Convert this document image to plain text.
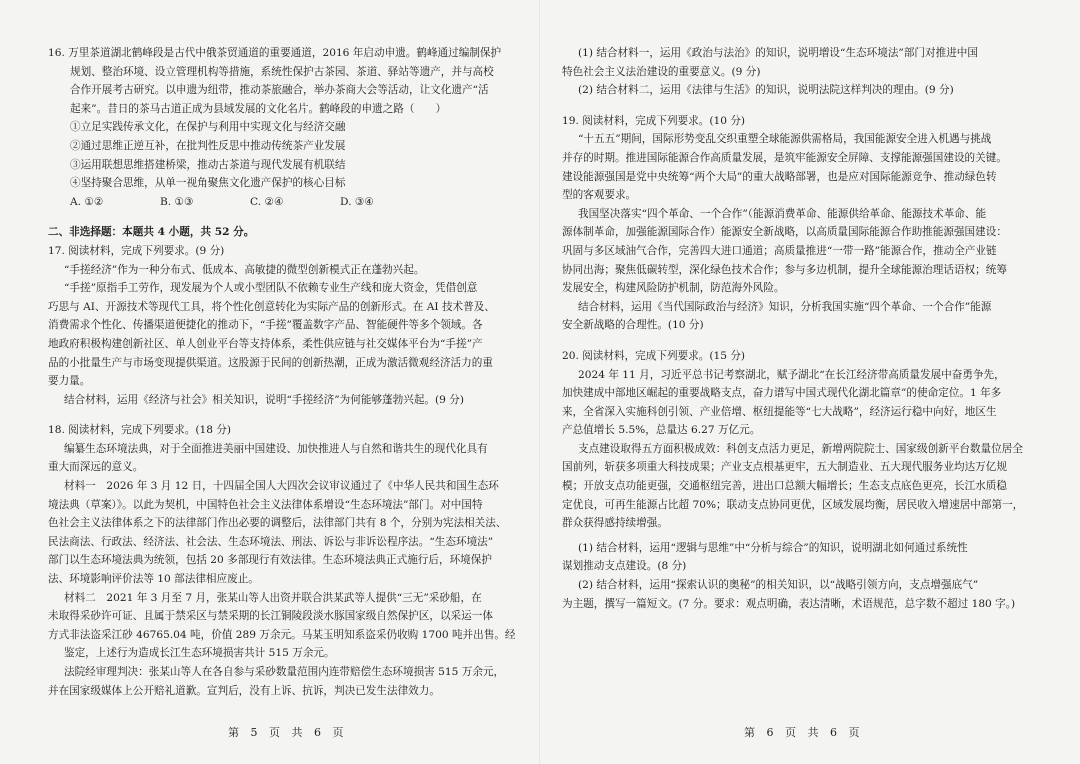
16. 万里茶道湖北鹤峰段是古代中俄茶贸通道的重要通道，2016 年启动申遗。鹤峰通过编制保护

规划、整治环境、设立管理机构等措施，系统性保护古茶园、茶道、驿站等遗产，并与高校

合作开展考古研究。以申遗为纽带，推动茶旅融合，举办茶商大会等活动，让文化遗产“活

起来”。昔日的茶马古道正成为县域发展的文化名片。鹤峰段的申遗之路（　　）

①立足实践传承文化，在保护与利用中实现文化与经济交融

②通过思维正逆互补，在批判性反思中推动传统茶产业发展

③运用联想思维搭建桥梁，推动古茶道与现代发展有机联结

④坚持聚合思维，从单一视角聚焦文化遗产保护的核心目标

A. ①②	B. ①③	C. ②④	D. ③④

二、非选择题：本题共 4 小题，共 52 分。

17. 阅读材料，完成下列要求。(9 分)

“手搓经济”作为一种分布式、低成本、高敏捷的微型创新模式正在蓬勃兴起。

“手搓”原指手工劳作，现发展为个人或小型团队不依赖专业生产线和庞大资金，凭借创意

巧思与 AI、开源技术等现代工具，将个性化创意转化为实际产品的创新形式。在 AI 技术普及、

消费需求个性化、传播渠道便捷化的推动下，“手搓”覆盖数字产品、智能硬件等多个领域。各

地政府积极构建创新社区、单人创业平台等支持体系，柔性供应链与社交媒体平台为“手搓”产

品的小批量生产与市场变现提供渠道。这股源于民间的创新热潮，正成为激活微观经济活力的重

要力量。

结合材料，运用《经济与社会》相关知识，说明“手搓经济”为何能够蓬勃兴起。(9 分)

18. 阅读材料，完成下列要求。(18 分)

编纂生态环境法典，对于全面推进美丽中国建设、加快推进人与自然和谐共生的现代化具有

重大而深远的意义。

材料一　2026 年 3 月 12 日，十四届全国人大四次会议审议通过了《中华人民共和国生态环

境法典（草案）》。以此为契机，中国特色社会主义法律体系增设“生态环境法”部门。对中国特

色社会主义法律体系之下的法律部门作出必要的调整后，法律部门共有 8 个，分别为宪法相关法、

民法商法、行政法、经济法、社会法、生态环境法、刑法、诉讼与非诉讼程序法。“生态环境法”

部门以生态环境法典为统领，包括 20 多部现行有效法律。生态环境法典正式施行后，环境保护

法、环境影响评价法等 10 部法律相应废止。

材料二　2021 年 3 月至 7 月，张某山等人出资并联合洪某武等人提供“三无”采砂船，在

未取得采砂许可证、且属于禁采区与禁采期的长江铜陵段淡水豚国家级自然保护区，以采运一体

方式非法盗采江砂 46765.04 吨，价值 289 万余元。马某玉明知系盗采仍收购 1700 吨并出售。经

鉴定，上述行为造成长江生态环境损害共计 515 万余元。

法院经审理判决：张某山等人在各自参与采砂数量范围内连带赔偿生态环境损害 515 万余元，

并在国家级媒体上公开赔礼道歉。宣判后，没有上诉、抗诉，判决已发生法律效力。

第 5 页 共 6 页

(1) 结合材料一，运用《政治与法治》的知识，说明增设“生态环境法”部门对推进中国

特色社会主义法治建设的重要意义。(9 分)

(2) 结合材料二，运用《法律与生活》的知识，说明法院这样判决的理由。(9 分)

19. 阅读材料，完成下列要求。(10 分)

“十五五”期间，国际形势变乱交织重塑全球能源供需格局，我国能源安全进入机遇与挑战

并存的时期。推进国际能源合作高质量发展，是筑牢能源安全屏障、支撑能源强国建设的关键。

建设能源强国是党中央统筹“两个大局”的重大战略部署，也是应对国际能源竞争、推动绿色转

型的客观要求。

我国坚决落实“四个革命、一个合作”（能源消费革命、能源供给革命、能源技术革命、能

源体制革命，加强能源国际合作）能源安全新战略，以高质量国际能源合作助推能源强国建设：

巩固与多区域油气合作，完善四大进口通道；高质量推进“一带一路”能源合作，推动全产业链

协同出海；聚焦低碳转型，深化绿色技术合作；参与多边机制，提升全球能源治理话语权；统筹

发展安全，构建风险防护机制，防范海外风险。

结合材料，运用《当代国际政治与经济》知识，分析我国实施“四个革命、一个合作”能源

安全新战略的合理性。(10 分)

20. 阅读材料，完成下列要求。(15 分)

2024 年 11 月，习近平总书记考察湖北，赋予湖北“在长江经济带高质量发展中奋勇争先，

加快建成中部地区崛起的重要战略支点，奋力谱写中国式现代化湖北篇章”的使命定位。1 年多

来，全省深入实施科创引领、产业倍增、枢纽提能等“七大战略”，经济运行稳中向好，地区生

产总值增长 5.5%，总量达 6.27 万亿元。

支点建设取得五方面积极成效：科创支点活力更足，新增两院院士、国家级创新平台数量位居全

国前列，斩获多项重大科技成果；产业支点根基更牢，五大制造业、五大现代服务业均达万亿规

模；开放支点功能更强，交通枢纽完善，进出口总额大幅增长；生态支点底色更亮，长江水质稳

定优良，可再生能源占比超 70%；联动支点协同更优，区域发展均衡，居民收入增速居中部第一，

群众获得感持续增强。

(1) 结合材料，运用“逻辑与思维”中“分析与综合”的知识，说明湖北如何通过系统性

谋划推动支点建设。(8 分)

(2) 结合材料，运用“探索认识的奥秘”的相关知识，以“战略引领方向，支点增强底气”

为主题，撰写一篇短文。(7 分。要求：观点明确，表达清晰，术语规范，总字数不超过 180 字。)

第 6 页 共 6 页
